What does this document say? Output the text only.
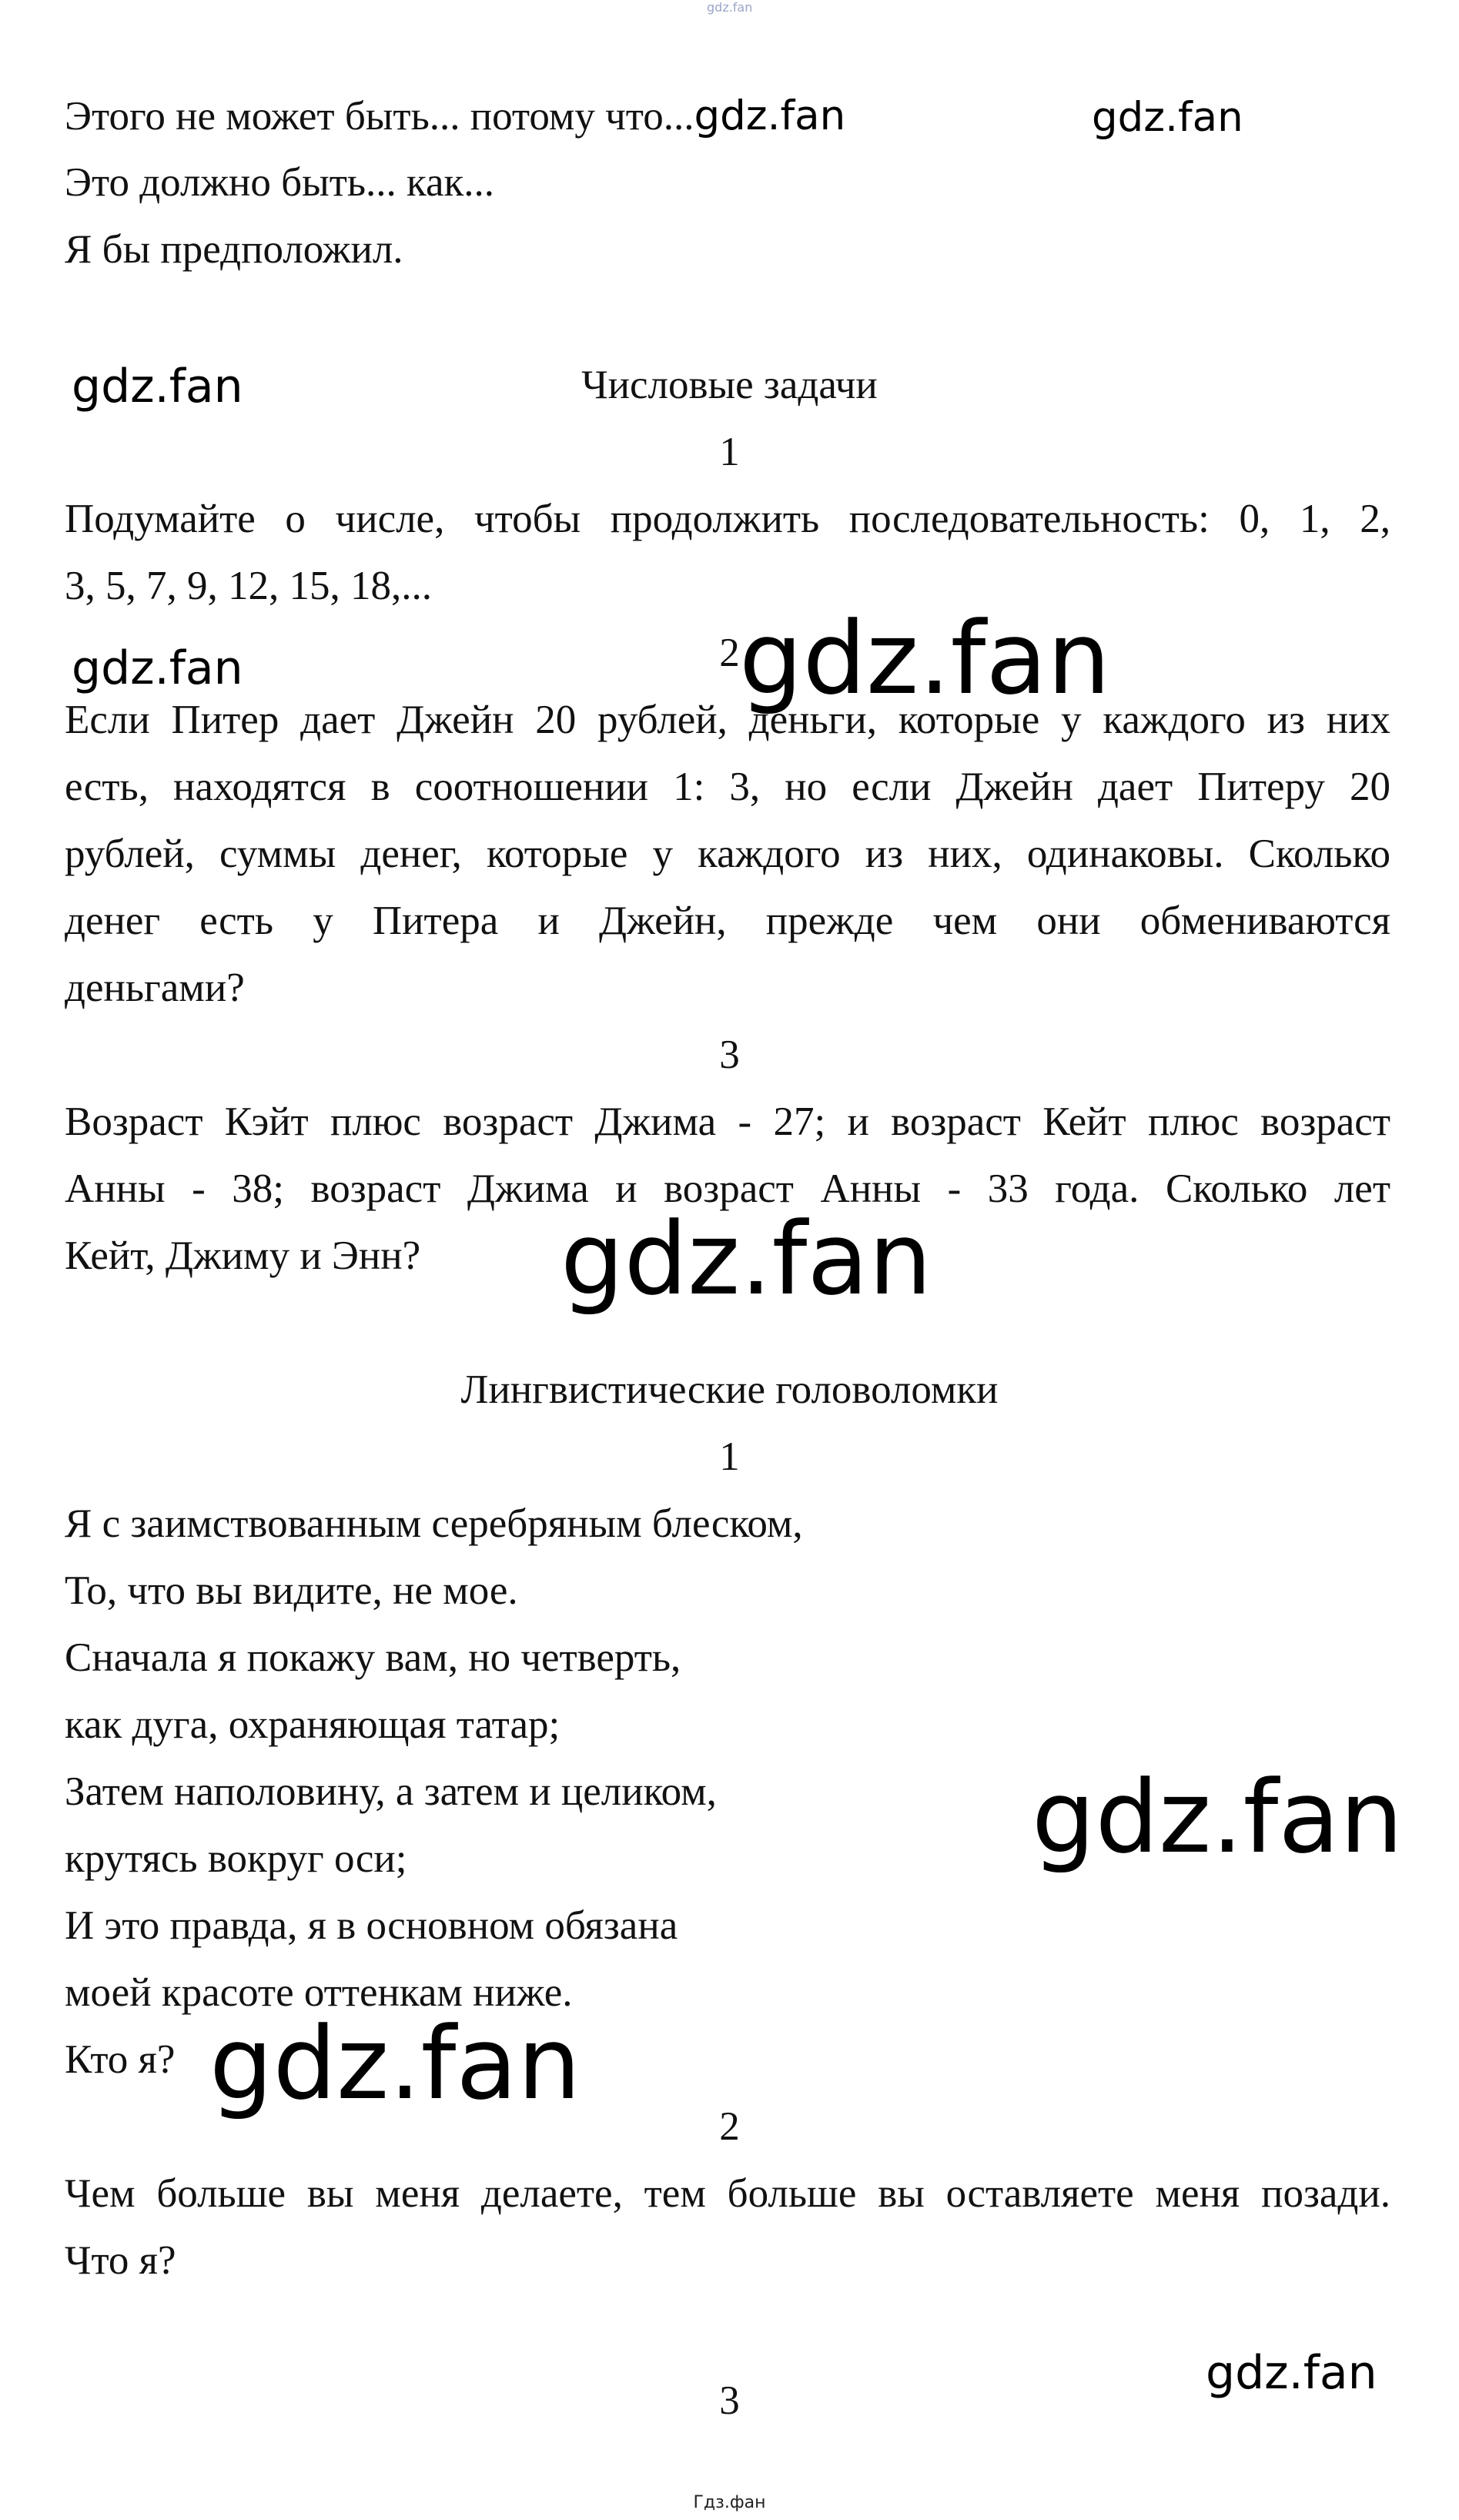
gdz.fan
Этого не может быть... потому что...gdz.fan	gdz.fan
Это должно быть... как...
Я бы предположил.
gdz.fan	Числовые задачи
1
Подумайте о числе, чтобы продолжить последовательность: 0, 1, 2,
3, 5, 7, 9, 12, 15, 18,...
gdz.fan	2 gdz.fan
Если Питер дает Джейн 20 рублей, деньги, которые у каждого из них
есть, находятся в соотношении 1: 3, но если Джейн дает Питеру 20
рублей, суммы денег, которые у каждого из них, одинаковы. Сколько
денег есть у Питера и Джейн, прежде чем они обмениваются
деньгами?
3
Возраст Кэйт плюс возраст Джима - 27; и возраст Кейт плюс возраст
Анны - 38; возраст Джима и возраст Анны - 33 года. Сколько лет
Кейт, Джиму и Энн? gdz.fan
Лингвистические головоломки
1
Я с заимствованным серебряным блеском,
То, что вы видите, не мое.
Сначала я покажу вам, но четверть,
как дуга, охраняющая татар;
Затем наполовину, а затем и целиком,
крутясь вокруг оси;
И это правда, я в основном обязана
моей красоте оттенкам ниже.
Кто я?
gdz.fan
gdz.fan
2
Чем больше вы меня делаете, тем больше вы оставляете меня позади.
Что я?
gdz.fan
3
Гдз.фан
